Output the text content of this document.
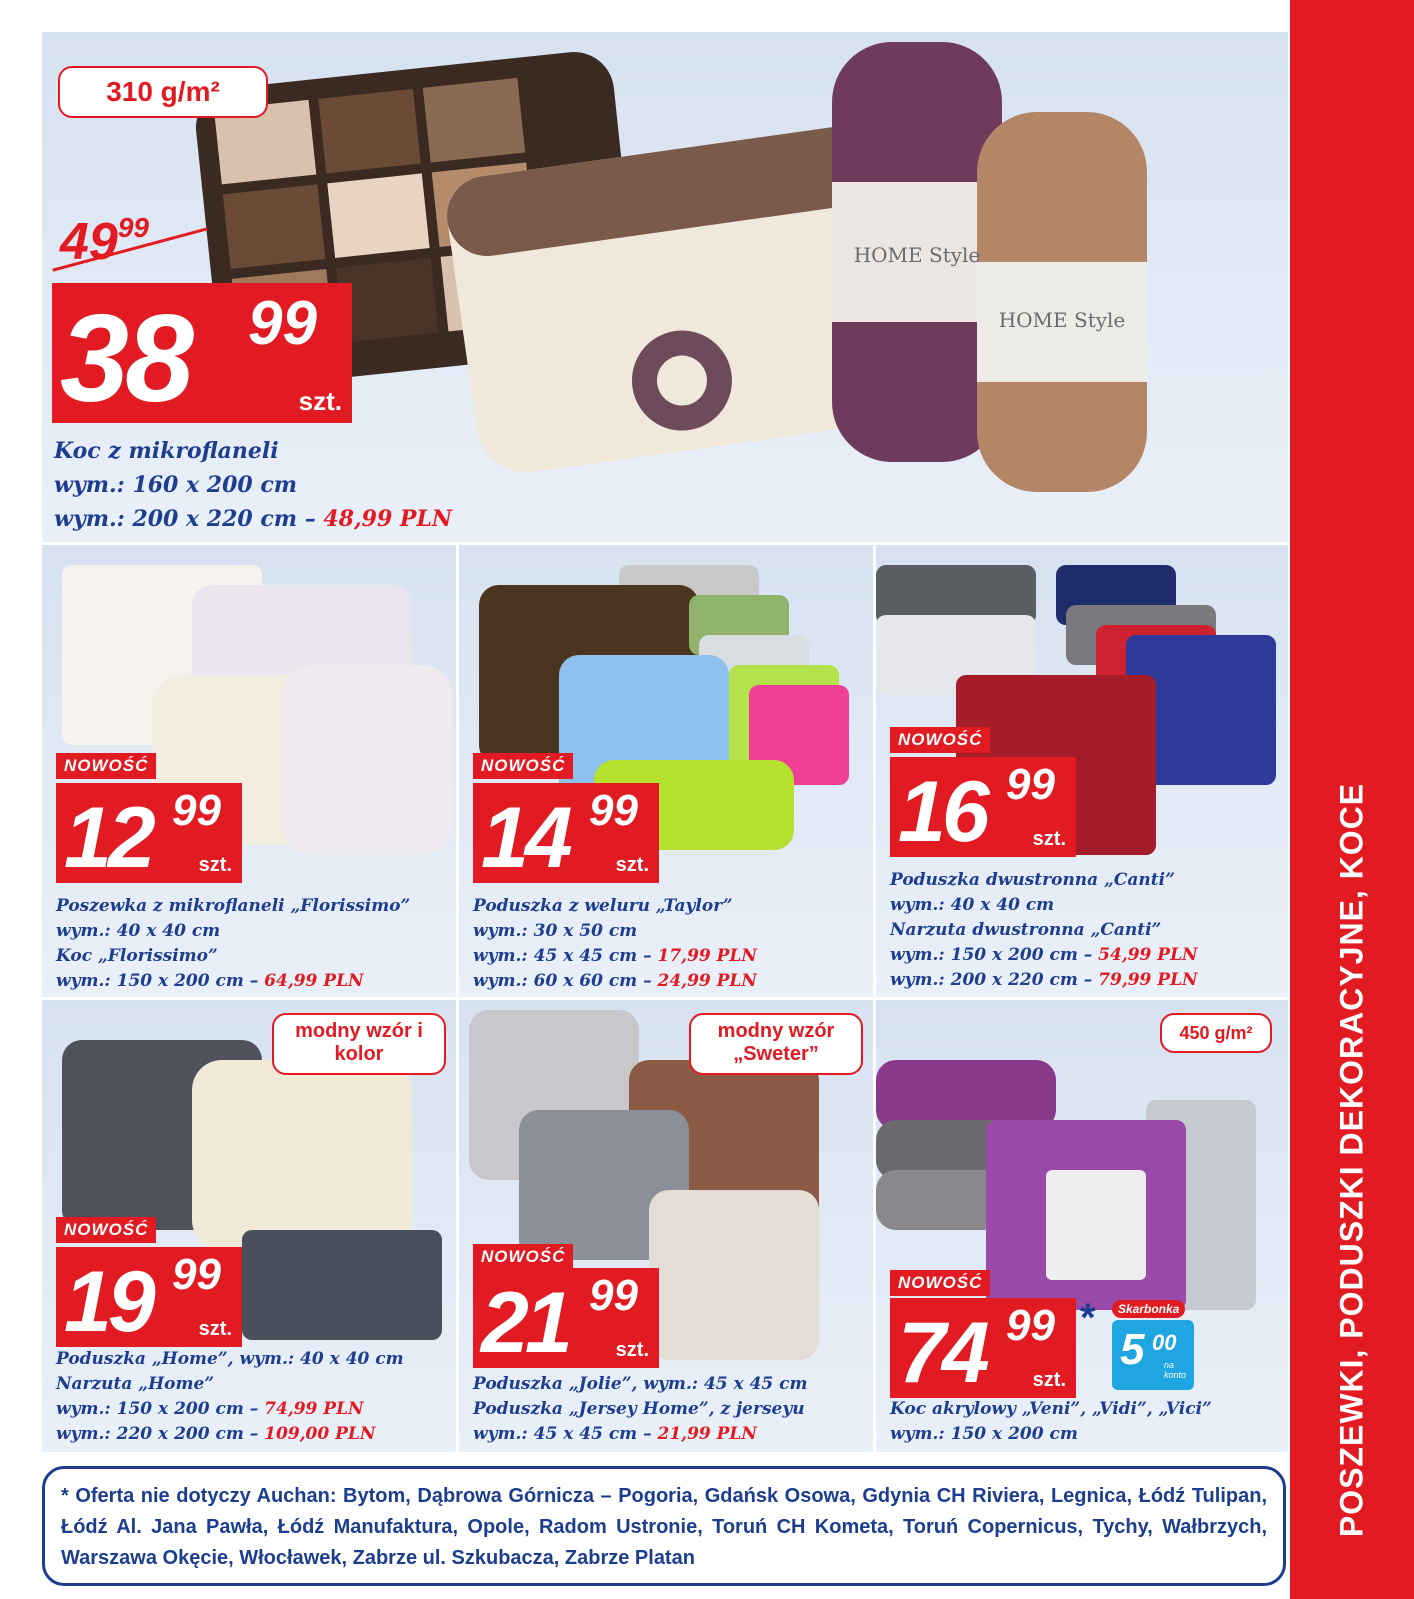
POSZEWKI, PODUSZKI DEKORACYJNE, KOCE
HOME Style
HOME Style
310 g/m²
$49^{99}$
38 99
szt.
Koc z mikroflaneli
wym.: 160 x 200 cm
wym.: 200 x 220 cm – 48,99 PLN
NOWOŚĆ
12 99
szt.
Poszewka z mikroflaneli „Florissimo”
wym.: 40 x 40 cm
Koc „Florissimo”
wym.: 150 x 200 cm – 64,99 PLN
NOWOŚĆ
14 99
szt.
Poduszka z weluru „Taylor”
wym.: 30 x 50 cm
wym.: 45 x 45 cm – 17,99 PLN
wym.: 60 x 60 cm – 24,99 PLN
NOWOŚĆ
16 99
szt.
Poduszka dwustronna „Canti”
wym.: 40 x 40 cm
Narzuta dwustronna „Canti”
wym.: 150 x 200 cm – 54,99 PLN
wym.: 200 x 220 cm – 79,99 PLN
modny wzór i kolor
NOWOŚĆ
19 99
szt.
Poduszka „Home”, wym.: 40 x 40 cm
Narzuta „Home”
wym.: 150 x 200 cm – 74,99 PLN
wym.: 220 x 200 cm – 109,00 PLN
modny wzór „Sweter”
NOWOŚĆ
21 99
szt.
Poduszka „Jolie”, wym.: 45 x 45 cm
Poduszka „Jersey Home”, z jerseyu
wym.: 45 x 45 cm – 21,99 PLN
450 g/m²
NOWOŚĆ
74 99
szt.
Koc akrylowy „Veni”, „Vidi”, „Vici”
wym.: 150 x 200 cm
*	Skarbonka
5 00
na konto
* Oferta nie dotyczy Auchan: Bytom, Dąbrowa Górnicza – Pogoria, Gdańsk Osowa, Gdynia CH Riviera, Legnica, Łódź Tulipan, Łódź Al. Jana Pawła, Łódź Manufaktura, Opole, Radom Ustronie, Toruń CH Kometa, Toruń Copernicus, Tychy, Wałbrzych, Warszawa Okęcie, Włocławek, Zabrze ul. Szkubacza, Zabrze Platan
